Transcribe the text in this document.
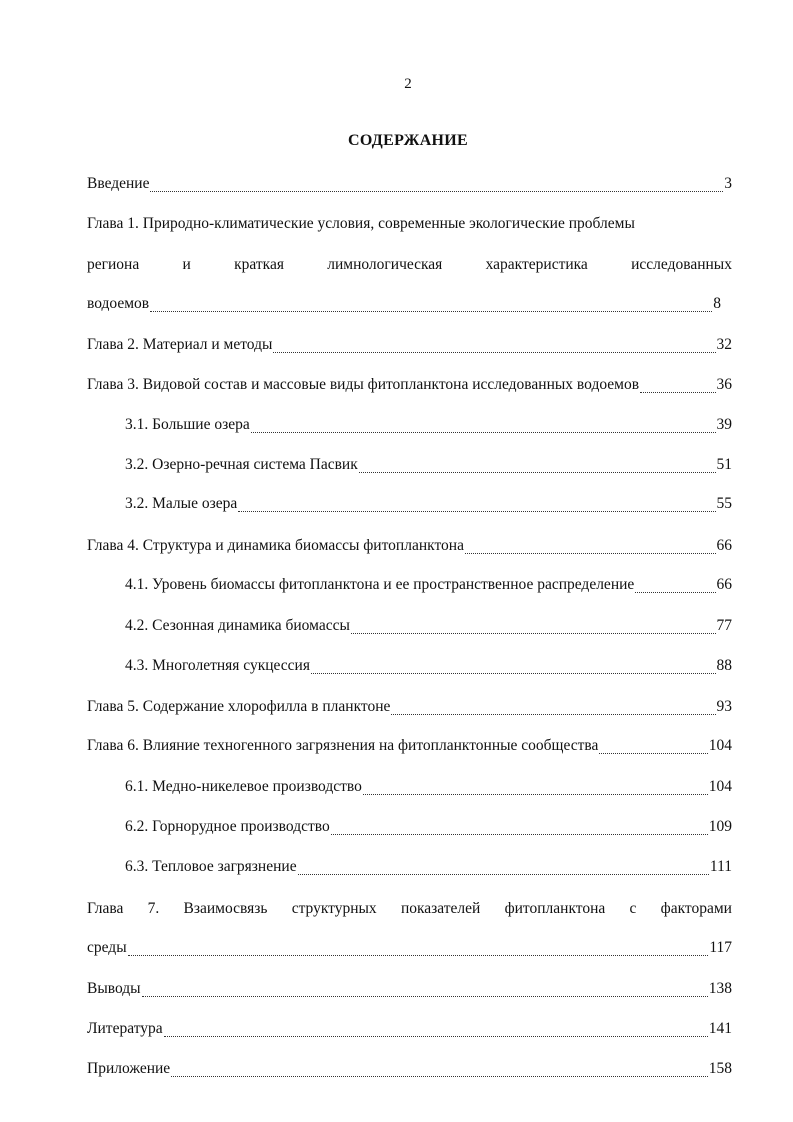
2
СОДЕРЖАНИЕ
Введение	3
Глава 1. Природно-климатические условия, современные экологические проблемы
региона	и	краткая	лимнологическая	характеристика	исследованных
водоемов	8
Глава 2. Материал и методы	32
Глава 3. Видовой состав и массовые виды фитопланктона исследованных водоемов	36
3.1. Большие озера	39
3.2. Озерно-речная система Пасвик	51
3.2. Малые озера	55
Глава 4. Структура и динамика биомассы фитопланктона	66
4.1. Уровень биомассы фитопланктона и ее пространственное распределение	66
4.2. Сезонная динамика биомассы	77
4.3. Многолетняя сукцессия	88
Глава 5. Содержание хлорофилла в планктоне	93
Глава 6. Влияние техногенного загрязнения на фитопланктонные сообщества	104
6.1. Медно-никелевое производство	104
6.2. Горнорудное производство	109
6.3. Тепловое загрязнение	111
Глава 7. Взаимосвязь структурных показателей фитопланктона с факторами
среды	117
Выводы	138
Литература	141
Приложение	158
